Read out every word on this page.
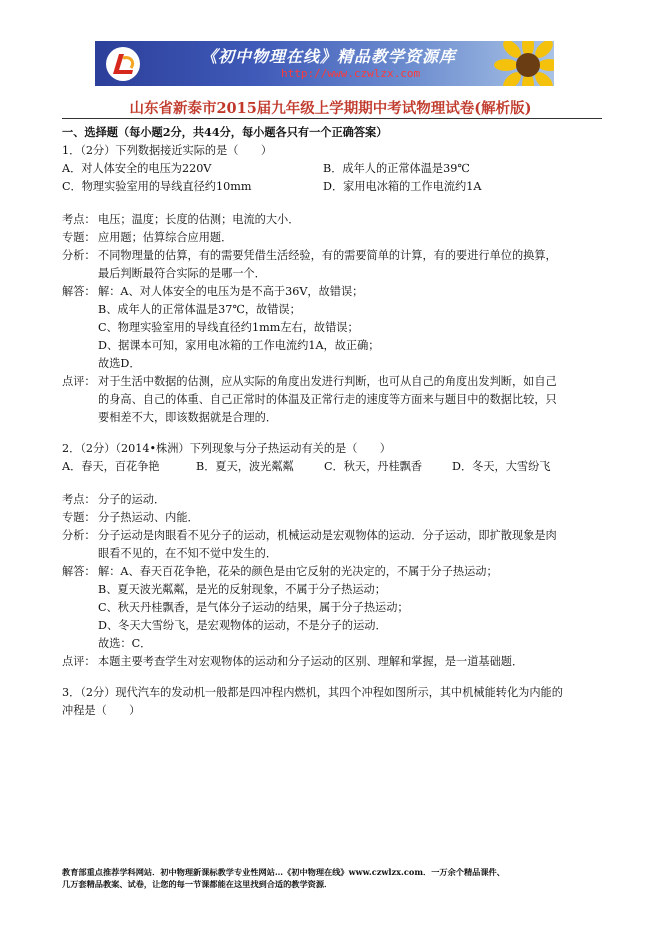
《初中物理在线》精品教学资源库
http://www.czwlzx.com
山东省新泰市2015届九年级上学期期中考试物理试卷(解析版)
一、选择题（每小题2分，共44分，每小题各只有一个正确答案）
1．（2分）下列数据接近实际的是（　　）
A．对人体安全的电压为220V	B．成年人的正常体温是39℃
C．物理实验室用的导线直径约10mm	D．家用电冰箱的工作电流约1A
考点： 电压；温度；长度的估测；电流的大小．
专题： 应用题；估算综合应用题．
分析： 不同物理量的估算，有的需要凭借生活经验，有的需要简单的计算，有的要进行单位的换算，
最后判断最符合实际的是哪一个．
解答： 解：A、对人体安全的电压为是不高于36V，故错误；
B、成年人的正常体温是37℃，故错误；
C、物理实验室用的导线直径约1mm左右，故错误；
D、据课本可知，家用电冰箱的工作电流约1A，故正确；
故选D．
点评： 对于生活中数据的估测，应从实际的角度出发进行判断，也可从自己的角度出发判断，如自己
的身高、自己的体重、自己正常时的体温及正常行走的速度等方面来与题目中的数据比较，只
要相差不大，即该数据就是合理的．
2．（2分）（2014•株洲）下列现象与分子热运动有关的是（　　）
A．春天，百花争艳	B．夏天，波光粼粼	C．秋天，丹桂飘香	D．冬天，大雪纷飞
考点： 分子的运动．
专题： 分子热运动、内能．
分析： 分子运动是肉眼看不见分子的运动，机械运动是宏观物体的运动．分子运动，即扩散现象是肉
眼看不见的，在不知不觉中发生的．
解答： 解：A、春天百花争艳，花朵的颜色是由它反射的光决定的，不属于分子热运动；
B、夏天波光粼粼，是光的反射现象，不属于分子热运动；
C、秋天丹桂飘香，是气体分子运动的结果，属于分子热运动；
D、冬天大雪纷飞，是宏观物体的运动，不是分子的运动．
故选：C．
点评： 本题主要考查学生对宏观物体的运动和分子运动的区别、理解和掌握，是一道基础题．
3．（2分）现代汽车的发动机一般都是四冲程内燃机，其四个冲程如图所示，其中机械能转化为内能的
冲程是（　　）
教育部重点推荐学科网站．初中物理新课标教学专业性网站…《初中物理在线》www.czwlzx.com．一万余个精品课件、
几万套精品教案、试卷，让您的每一节课都能在这里找到合适的教学资源．
